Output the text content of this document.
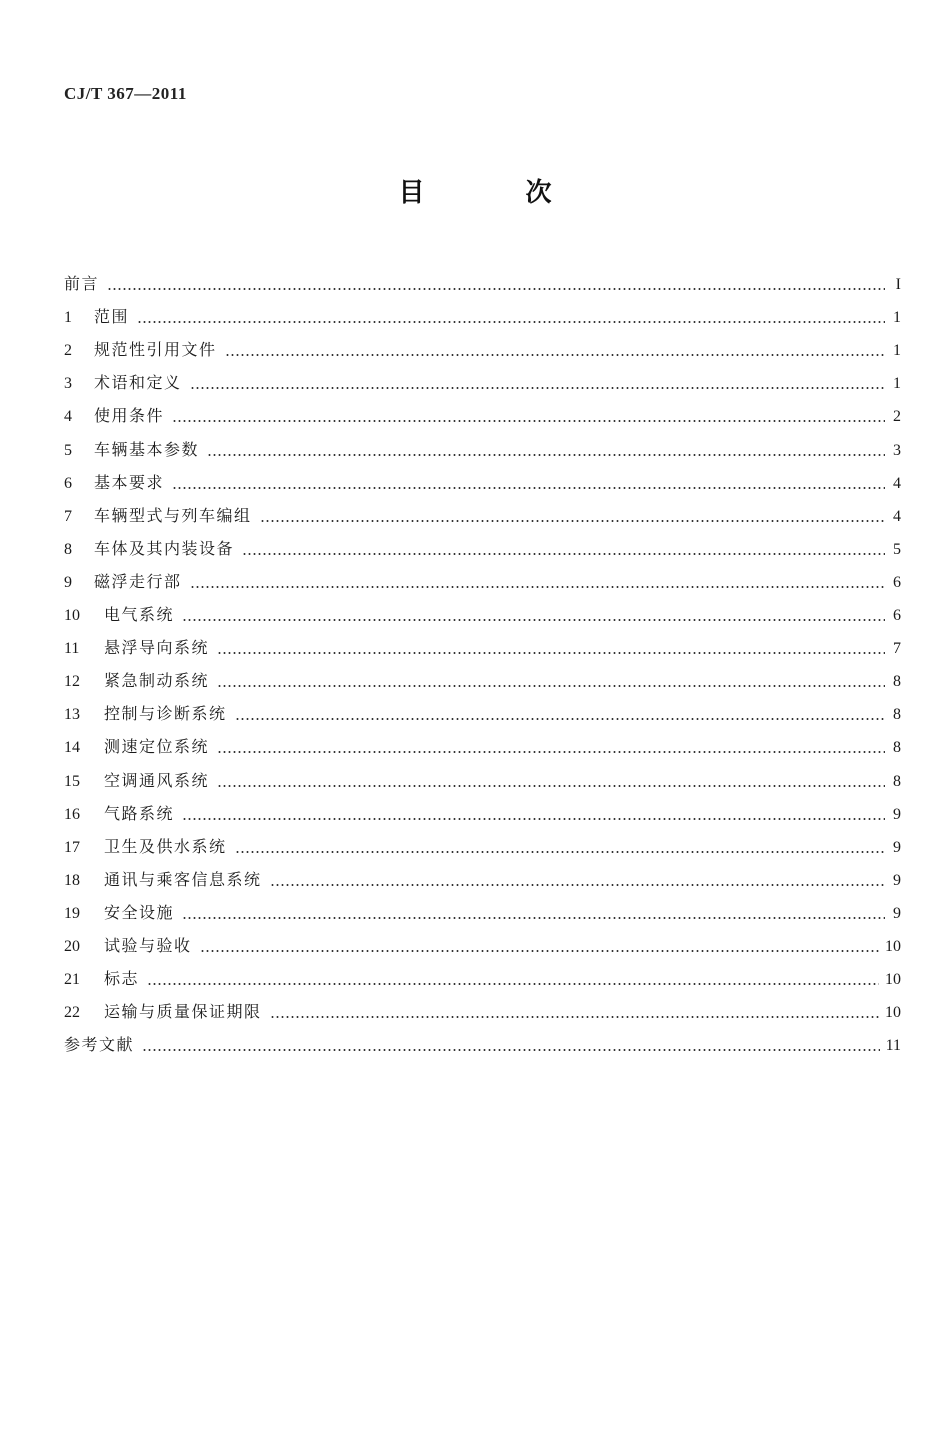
CJ/T 367—2011
目 次
前言	I
1	范围	1
2	规范性引用文件	1
3	术语和定义	1
4	使用条件	2
5	车辆基本参数	3
6	基本要求	4
7	车辆型式与列车编组	4
8	车体及其内装设备	5
9	磁浮走行部	6
10	电气系统	6
11	悬浮导向系统	7
12	紧急制动系统	8
13	控制与诊断系统	8
14	测速定位系统	8
15	空调通风系统	8
16	气路系统	9
17	卫生及供水系统	9
18	通讯与乘客信息系统	9
19	安全设施	9
20	试验与验收	10
21	标志	10
22	运输与质量保证期限	10
参考文献	11
